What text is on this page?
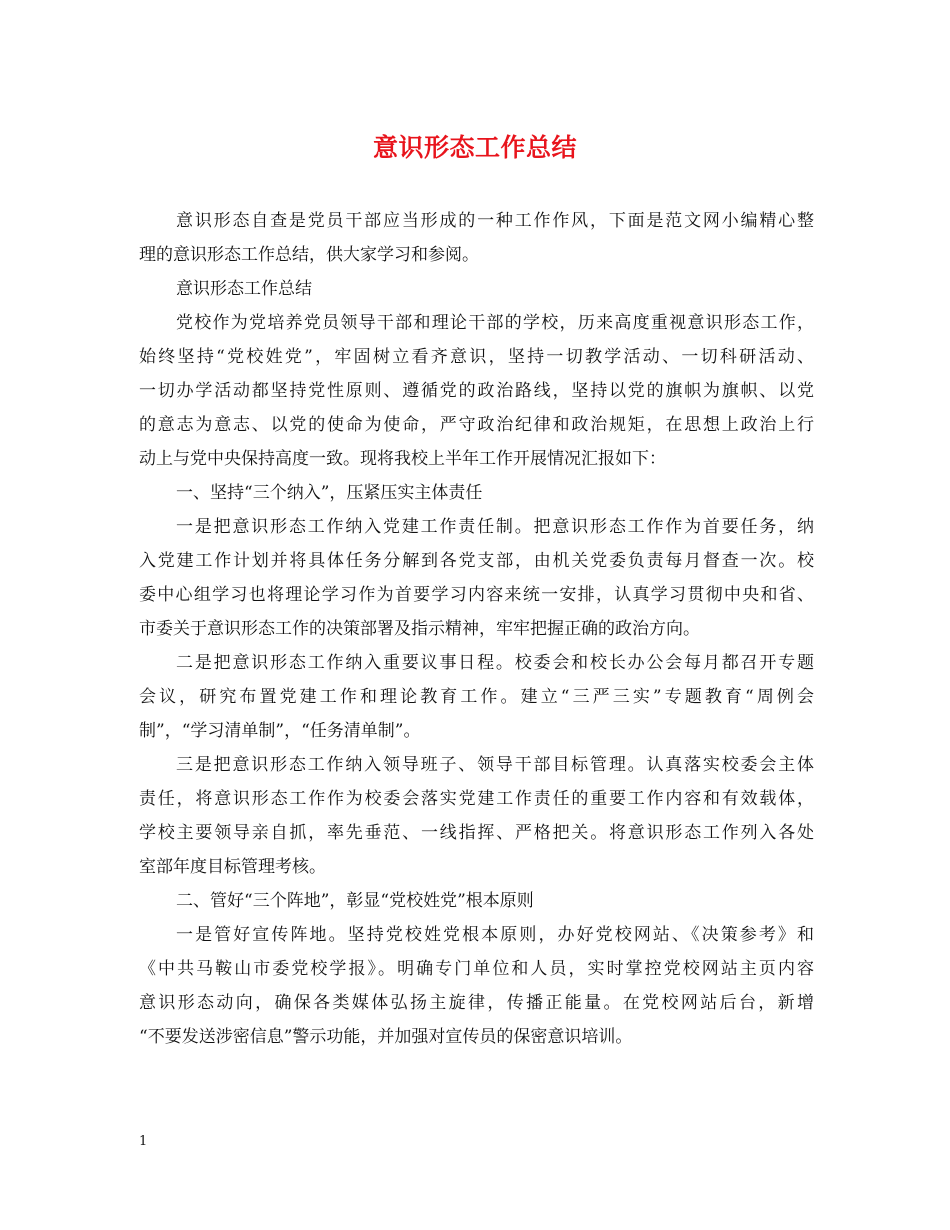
意识形态工作总结
意识形态自查是党员干部应当形成的一种工作作风，下面是范文网小编精心整
理的意识形态工作总结，供大家学习和参阅。
意识形态工作总结
党校作为党培养党员领导干部和理论干部的学校，历来高度重视意识形态工作，
始终坚持“党校姓党”，牢固树立看齐意识，坚持一切教学活动、一切科研活动、
一切办学活动都坚持党性原则、遵循党的政治路线，坚持以党的旗帜为旗帜、以党
的意志为意志、以党的使命为使命，严守政治纪律和政治规矩，在思想上政治上行
动上与党中央保持高度一致。现将我校上半年工作开展情况汇报如下：
一、坚持“三个纳入”，压紧压实主体责任
一是把意识形态工作纳入党建工作责任制。把意识形态工作作为首要任务，纳
入党建工作计划并将具体任务分解到各党支部，由机关党委负责每月督查一次。校
委中心组学习也将理论学习作为首要学习内容来统一安排，认真学习贯彻中央和省、
市委关于意识形态工作的决策部署及指示精神，牢牢把握正确的政治方向。
二是把意识形态工作纳入重要议事日程。校委会和校长办公会每月都召开专题
会议，研究布置党建工作和理论教育工作。建立“三严三实”专题教育“周例会
制”，“学习清单制”，“任务清单制”。
三是把意识形态工作纳入领导班子、领导干部目标管理。认真落实校委会主体
责任，将意识形态工作作为校委会落实党建工作责任的重要工作内容和有效载体，
学校主要领导亲自抓，率先垂范、一线指挥、严格把关。将意识形态工作列入各处
室部年度目标管理考核。
二、管好“三个阵地”，彰显“党校姓党”根本原则
一是管好宣传阵地。坚持党校姓党根本原则，办好党校网站、《决策参考》和
《中共马鞍山市委党校学报》。明确专门单位和人员，实时掌控党校网站主页内容
意识形态动向，确保各类媒体弘扬主旋律，传播正能量。在党校网站后台，新增
“不要发送涉密信息”警示功能，并加强对宣传员的保密意识培训。
1
